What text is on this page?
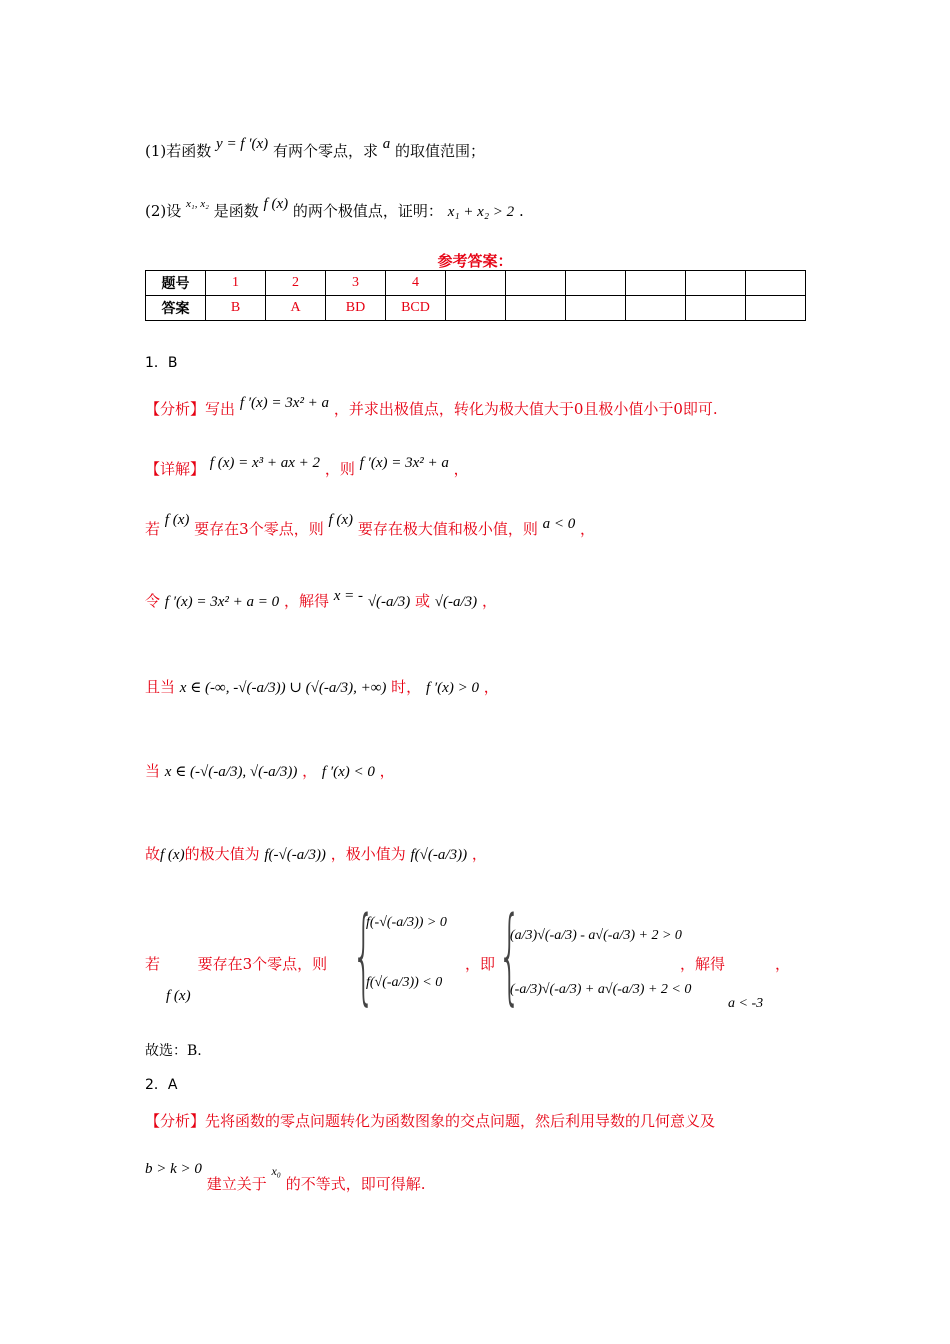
(1)若函数 y = f ′(x) 有两个零点，求 a 的取值范围；
(2)设 $^{x_1, x_2}$ 是函数 f (x) 的两个极值点，证明： x₁ + x₂ > 2 .
参考答案：
题号	1	2	3	4						
答案	B	A	BD	BCD						
1．B
【分析】写出 f ′(x) = 3x² + a ，并求出极值点，转化为极大值大于0且极小值小于0即可.
【详解】 f (x) = x³ + ax + 2 ，则 f ′(x) = 3x² + a ，
若 f (x) 要存在3个零点，则 f (x) 要存在极大值和极小值，则 a < 0 ，
令 f ′(x) = 3x² + a = 0 ，解得 x = - √(-a/3) 或 √(-a/3) ，
且当 x ∈ (-∞, -√(-a/3)) ∪ (√(-a/3), +∞) 时， f ′(x) > 0 ，
当 x ∈ (-√(-a/3), √(-a/3)) ， f ′(x) < 0 ，
故f (x)的极大值为 f(-√(-a/3)) ，极小值为 f(√(-a/3)) ，
若	要存在3个零点，则
f (x) {
f(-√(-a/3)) > 0
f(√(-a/3)) < 0
，即 {
(a/3)√(-a/3) - a√(-a/3) + 2 > 0
(-a/3)√(-a/3) + a√(-a/3) + 2 < 0
，解得	，
a < -3
故选：B.
2．A
【分析】先将函数的零点问题转化为函数图象的交点问题，然后利用导数的几何意义及
b > k > 0 建立关于 $^{x_0}$ 的不等式，即可得解.
